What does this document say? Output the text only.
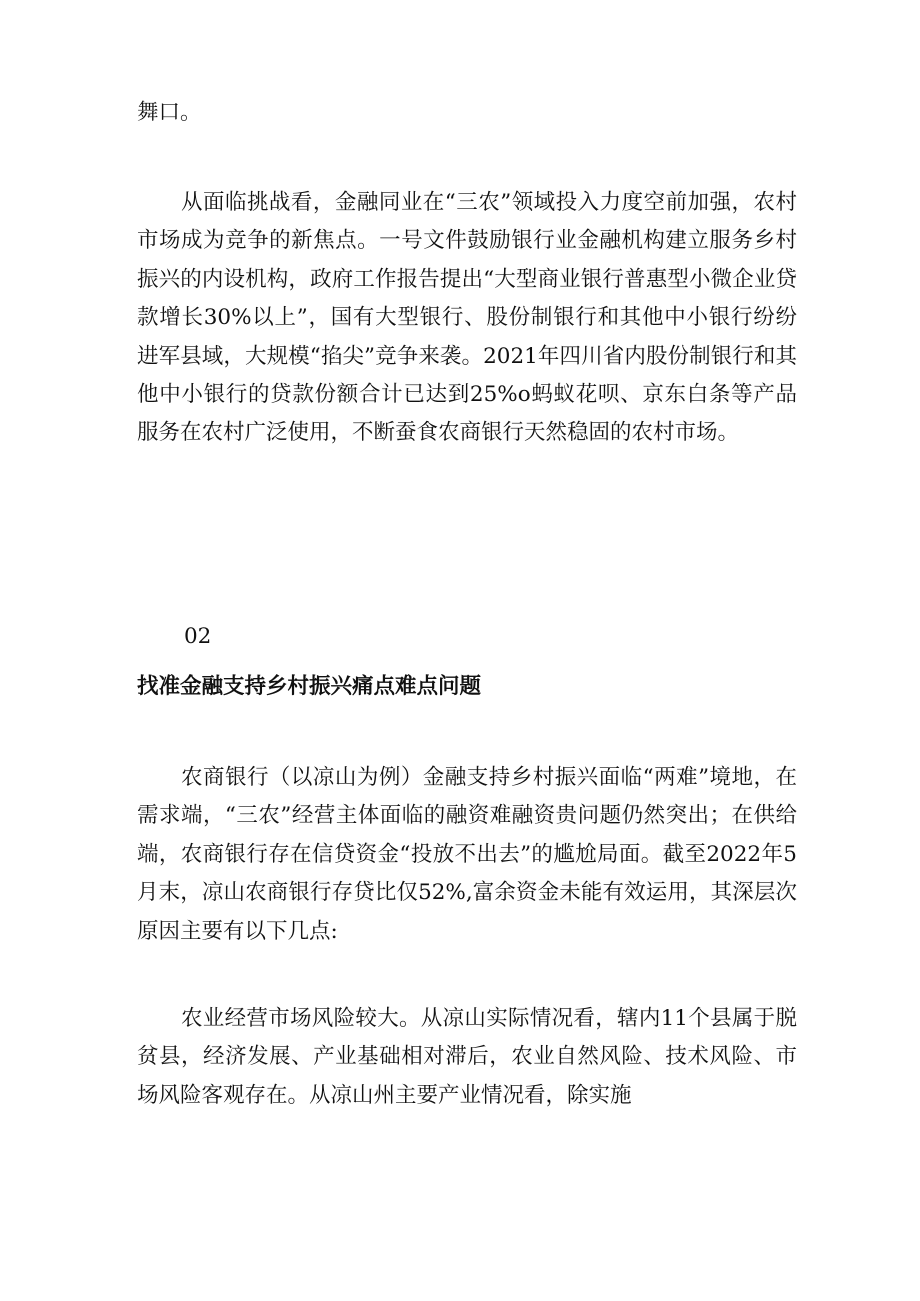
舞口。

从面临挑战看，金融同业在“三农”领域投入力度空前加强，农村市场成为竞争的新焦点。一号文件鼓励银行业金融机构建立服务乡村振兴的内设机构，政府工作报告提出“大型商业银行普惠型小微企业贷款增长30%以上”，国有大型银行、股份制银行和其他中小银行纷纷进军县域，大规模“掐尖”竞争来袭。2021年四川省内股份制银行和其他中小银行的贷款份额合计已达到25%o蚂蚁花呗、京东白条等产品服务在农村广泛使用，不断蚕食农商银行天然稳固的农村市场。

02

找准金融支持乡村振兴痛点难点问题

农商银行（以凉山为例）金融支持乡村振兴面临“两难”境地，在需求端，“三农”经营主体面临的融资难融资贵问题仍然突出；在供给端，农商银行存在信贷资金“投放不出去”的尴尬局面。截至2022年5月末，凉山农商银行存贷比仅52%,富余资金未能有效运用，其深层次原因主要有以下几点:

农业经营市场风险较大。从凉山实际情况看，辖内11个县属于脱贫县，经济发展、产业基础相对滞后，农业自然风险、技术风险、市场风险客观存在。从凉山州主要产业情况看，除实施
